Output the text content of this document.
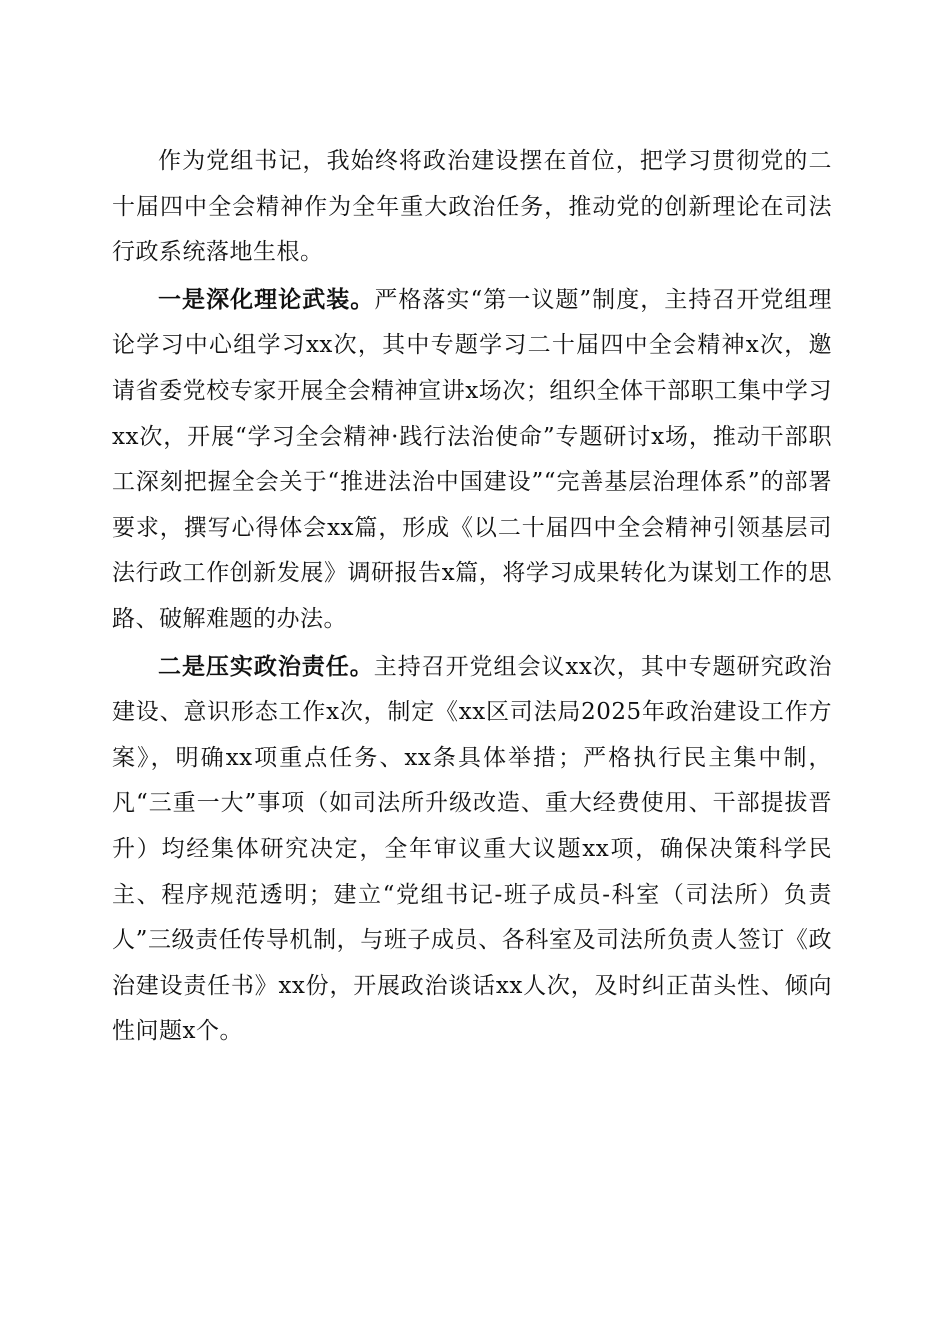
作为党组书记，我始终将政治建设摆在首位，把学习贯彻党的二十届四中全会精神作为全年重大政治任务，推动党的创新理论在司法行政系统落地生根。

一是深化理论武装。严格落实“第一议题”制度，主持召开党组理论学习中心组学习xx次，其中专题学习二十届四中全会精神x次，邀请省委党校专家开展全会精神宣讲x场次；组织全体干部职工集中学习xx次，开展“学习全会精神·践行法治使命”专题研讨x场，推动干部职工深刻把握全会关于“推进法治中国建设”“完善基层治理体系”的部署要求，撰写心得体会xx篇，形成《以二十届四中全会精神引领基层司法行政工作创新发展》调研报告x篇，将学习成果转化为谋划工作的思路、破解难题的办法。

二是压实政治责任。主持召开党组会议xx次，其中专题研究政治建设、意识形态工作x次，制定《xx区司法局2025年政治建设工作方案》，明确xx项重点任务、xx条具体举措；严格执行民主集中制，凡“三重一大”事项（如司法所升级改造、重大经费使用、干部提拔晋升）均经集体研究决定，全年审议重大议题xx项，确保决策科学民主、程序规范透明；建立“党组书记-班子成员-科室（司法所）负责人”三级责任传导机制，与班子成员、各科室及司法所负责人签订《政治建设责任书》xx份，开展政治谈话xx人次，及时纠正苗头性、倾向性问题x个。
